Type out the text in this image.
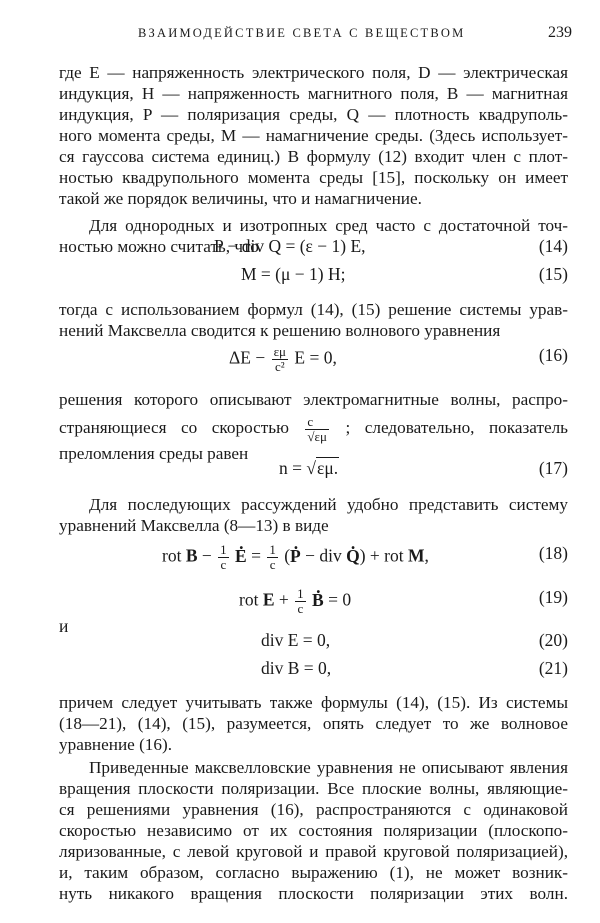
ВЗАИМОДЕЙСТВИЕ СВЕТА С ВЕЩЕСТВОМ	239
где E — напряженность электрического поля, D — электрическая
индукция, H — напряженность магнитного поля, B — магнитная
индукция, P — поляризация среды, Q — плотность квадруполь-
ного момента среды, M — намагничение среды. (Здесь использует-
ся гауссова система единиц.) В формулу (12) входит член с плот-
ностью квадрупольного момента среды [15], поскольку он имеет
такой же порядок величины, что и намагничение.
Для однородных и изотропных сред часто с достаточной точ-
ностью можно считать, что
P − div Q = (ε − 1) E,	(14)
M = (μ − 1) H;	(15)
тогда с использованием формул (14), (15) решение системы урав-
нений Максвелла сводится к решению волнового уравнения
$\Delta E - \frac{\varepsilon\mu}{\text{c²}}$ E = 0,	(16)
решения которого описывают электромагнитные волны, распро-
страняющиеся со скоростью $\frac{c}{√\varepsilon\mu}$ ; следовательно, показатель
преломления среды равен
n = √εμ.	(17)
Для последующих рассуждений удобно представить систему
уравнений Максвелла (8—13) в виде
rot $B - \frac{1}{c}$ . $E = \frac{1}{c}$ (. P − div . Q) + rot M,	(18)
rot $E + \frac{1}{c}$ . B = 0	(19)
и
div E = 0,	(20)
div B = 0,	(21)
причем следует учитывать также формулы (14), (15). Из системы
(18—21), (14), (15), разумеется, опять следует то же волновое
уравнение (16).
Приведенные максвелловские уравнения не описывают явления
вращения плоскости поляризации. Все плоские волны, являющие-
ся решениями уравнения (16), распространяются с одинаковой
скоростью независимо от их состояния поляризации (плоскопо-
ляризованные, с левой круговой и правой круговой поляризацией),
и, таким образом, согласно выражению (1), не может возник-
нуть никакого вращения плоскости поляризации этих волн.
